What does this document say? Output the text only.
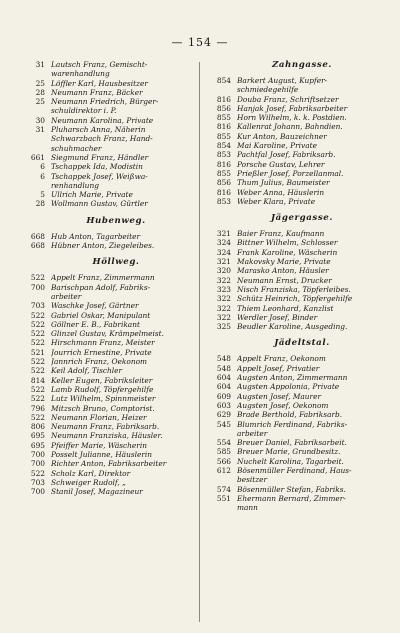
— 154 —
31 Lautsch Franz, Gemischt-
warenhandlung
25 Löffler Karl, Hausbesitzer
28 Neumann Franz, Bäcker
25 Neumann Friedrich, Bürger-
schuldirektor i. P.
30 Neumann Karolina, Private
31 Pluharsch Anna, Näherin
Schwarzbach Franz, Hand-
schuhmacher
661 Siegmund Franz, Händler
6 Tschappek Ida, Modistin
6 Tschappek Josef, Weißwa-
renhandlung
5 Ullrich Marie, Private
28 Wollmann Gustav, Gürtler
Hubenweg.
668 Hub Anton, Tagarbeiter
668 Hübner Anton, Ziegeleibes.
Höllweg.
522 Appelt Franz, Zimmermann
700 Barischpan Adolf, Fabriks-
arbeiter
703 Waschke Josef, Gärtner
522 Gabriel Oskar, Manipulant
522 Göllner E. B., Fabrikant
522 Glinzel Gustav, Krämpelmeist.
522 Hirschmann Franz, Meister
521 Jourrich Ernestine, Private
522 Jannrich Franz, Oekonom
522 Keil Adolf, Tischler
814 Keller Eugen, Fabriksleiter
522 Lamb Rudolf, Töpfergehilfe
522 Lutz Wilhelm, Spinnmeister
796 Mitzsch Bruno, Comptorist.
522 Neumann Florian, Heizer
806 Neumann Franz, Fabriksarb.
695 Neumann Franziska, Häusler.
695 Pfeiffer Marie, Wäscherin
700 Posselt Julianne, Häuslerin
700 Richter Anton, Fabriksarbeiter
522 Scholz Karl, Direktor
703 Schweiger Rudolf, „
700 Stanil Josef, Magazineur
Zahngasse.
854 Barkert August, Kupfer-
schmiedegehilfe
816 Douba Franz, Schriftsetzer
856 Hanjak Josef, Fabriksarbeiter
855 Horn Wilhelm, k. k. Postdien.
816 Kallenrat Johann, Bahndien.
855 Kur Anton, Bauzeichner
854 Mai Karoline, Private
853 Pachtfal Josef, Fabriksarb.
816 Porsche Gustav, Lehrer
855 Prießler Josef, Porzellanmal.
856 Thum Julius, Baumeister
816 Weber Anna, Häuslerin
853 Weber Klara, Private
Jägergasse.
321 Baier Franz, Kaufmann
324 Bittner Wilhelm, Schlosser
324 Frank Karoline, Wäscherin
321 Makovsky Marie, Private
320 Marasko Anton, Häusler
322 Neumann Ernst, Drucker
323 Nisch Franziska, Töpferleibes.
322 Schütz Heinrich, Töpfergehilfe
322 Thiem Leonhard, Kanzlist
322 Werdler Josef, Binder
325 Beudler Karoline, Ausgeding.
Jädeltstal.
548 Appelt Franz, Oekonom
548 Appelt Josef, Privatier
604 Augsten Anton, Zimmermann
604 Augsten Appolonia, Private
609 Augsten Josef, Maurer
603 Augsten Josef, Oekonom
629 Brade Berthold, Fabriksarb.
545 Blumrich Ferdinand, Fabriks-
arbeiter
554 Breuer Daniel, Fabriksarbeit.
585 Breuer Marie, Grundbesitz.
566 Nuchelt Karolina, Tagarbeit.
612 Bösenmüller Ferdinand, Haus-
besitzer
574 Bösenmüller Stefan, Fabriks.
551 Ehermann Bernard, Zimmer-
mann
